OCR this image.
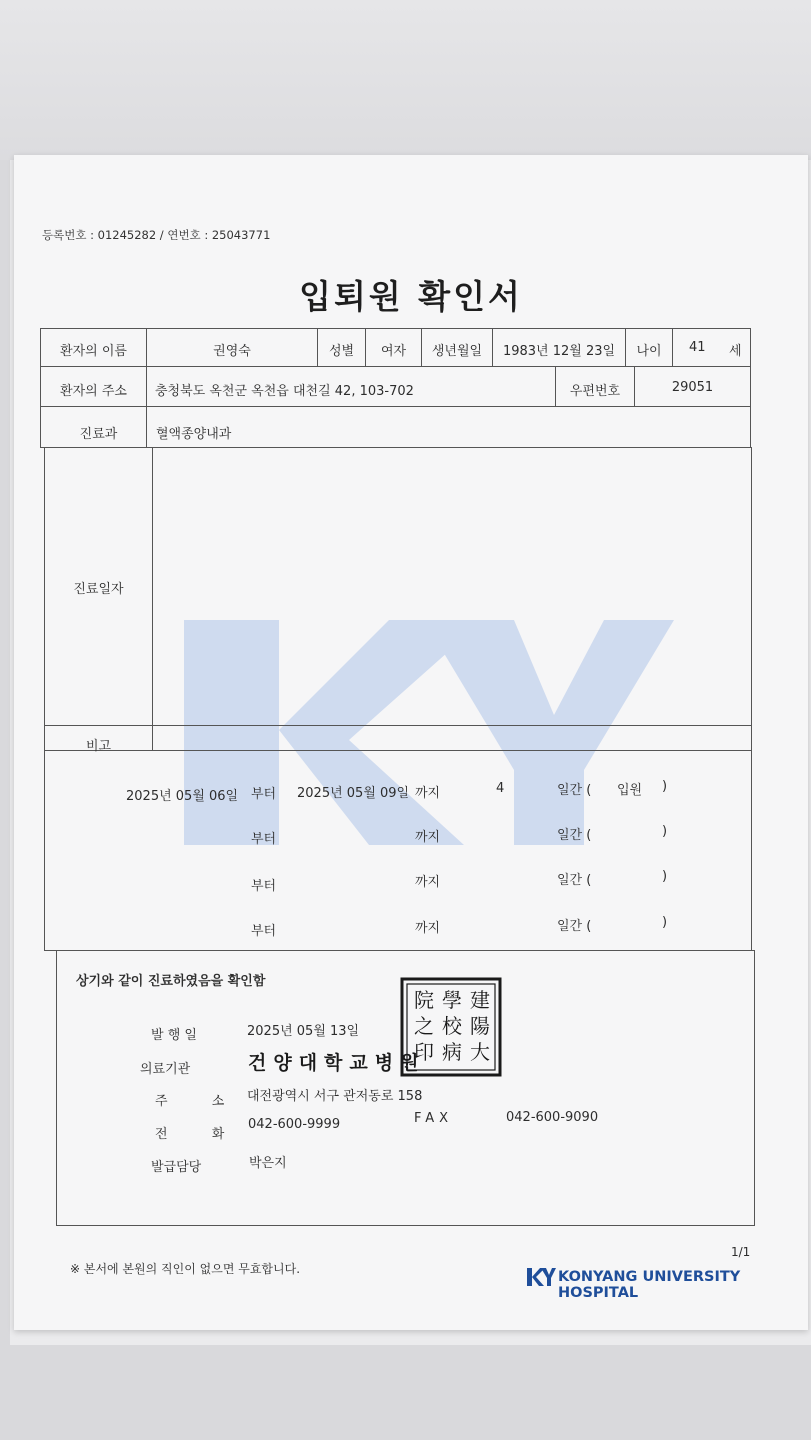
등록번호 : 01245282 / 연번호 : 25043771
입퇴원 확인서
환자의 이름	권영숙	성별	여자	생년월일	1983년 12월 23일	나이	41 세
환자의 주소	충청북도 옥천군 옥천읍 대천길 42, 103-702	우편번호	29051
진료과	혈액종양내과
진료일자
비고
2025년 05월 06일 부터 2025년 05월 09일 까지	4	일간 ( 입원 )
부터	까지	일간 (	)
부터	까지	일간 (	)
부터	까지	일간 (	)
상기와 같이 진료하였음을 확인함
建
陽
大
學
校
病
院
之
印
발 행 일	2025년 05월 13일
의료기관	건양대학교병원
주 소 대전광역시 서구 관저동로 158
전 화
042-600-9999	FAX	042-600-9090
발급담당	박은지
1/1
※ 본서에 본원의 직인이 없으면 무효합니다.	KONYANG UNIVERSITY HOSPITAL
